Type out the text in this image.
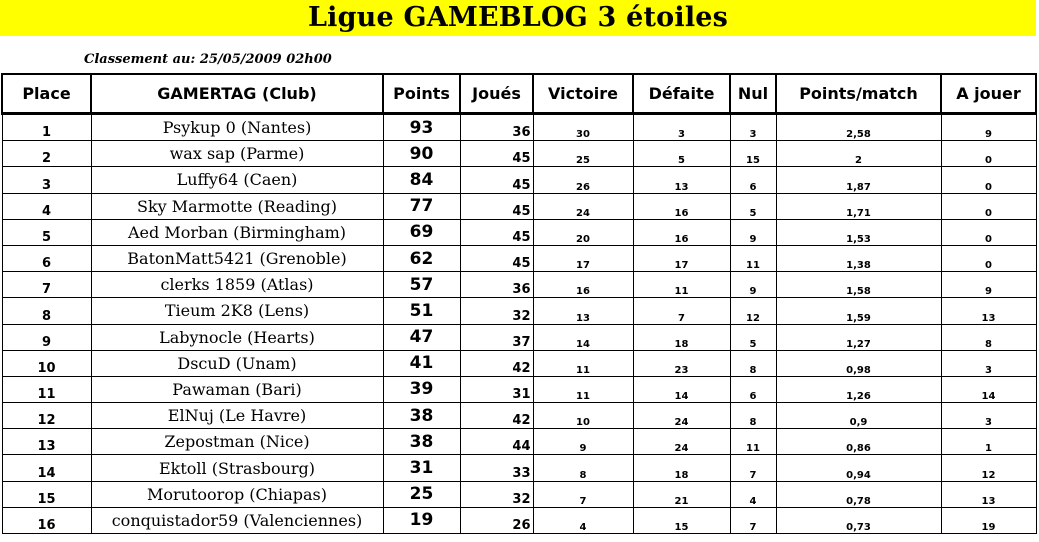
Ligue GAMEBLOG 3 étoiles
Classement au: 25/05/2009 02h00
Place	GAMERTAG (Club)	Points	Joués	Victoire	Défaite	Nul	Points/match	A jouer
1	Psykup 0 (Nantes)	93	36	30	3	3	2,58	9
2	wax sap (Parme)	90	45	25	5	15	2	0
3	Luffy64 (Caen)	84	45	26	13	6	1,87	0
4	Sky Marmotte (Reading)	77	45	24	16	5	1,71	0
5	Aed Morban (Birmingham)	69	45	20	16	9	1,53	0
6	BatonMatt5421 (Grenoble)	62	45	17	17	11	1,38	0
7	clerks 1859 (Atlas)	57	36	16	11	9	1,58	9
8	Tieum 2K8 (Lens)	51	32	13	7	12	1,59	13
9	Labynocle (Hearts)	47	37	14	18	5	1,27	8
10	DscuD (Unam)	41	42	11	23	8	0,98	3
11	Pawaman (Bari)	39	31	11	14	6	1,26	14
12	ElNuj (Le Havre)	38	42	10	24	8	0,9	3
13	Zepostman (Nice)	38	44	9	24	11	0,86	1
14	Ektoll (Strasbourg)	31	33	8	18	7	0,94	12
15	Morutoorop (Chiapas)	25	32	7	21	4	0,78	13
16	conquistador59 (Valenciennes)	19	26	4	15	7	0,73	19
